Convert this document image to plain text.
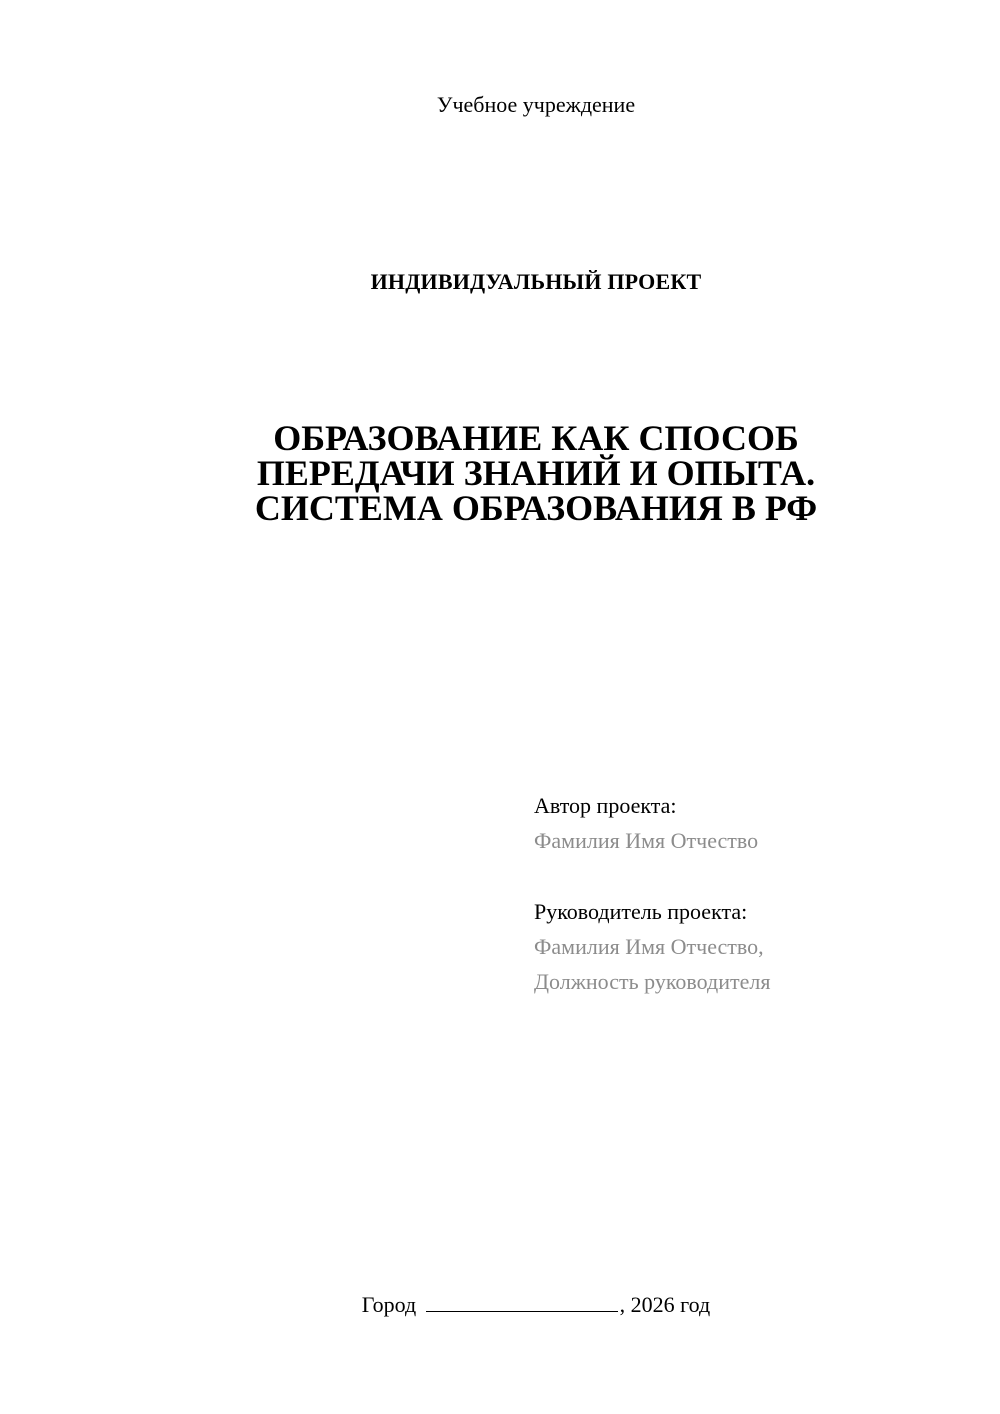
Учебное учреждение
ИНДИВИДУАЛЬНЫЙ ПРОЕКТ
ОБРАЗОВАНИЕ КАК СПОСОБ
ПЕРЕДАЧИ ЗНАНИЙ И ОПЫТА.
СИСТЕМА ОБРАЗОВАНИЯ В РФ
Автор проекта:
Фамилия Имя Отчество
Руководитель проекта:
Фамилия Имя Отчество,
Должность руководителя
Город	, 2026 год
